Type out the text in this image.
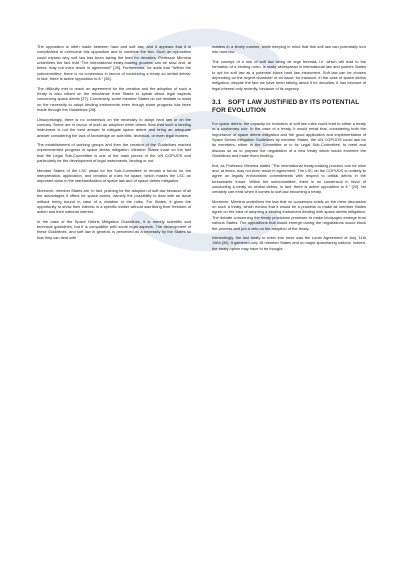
The opposition is often made between hard and soft law, and it appears that it is complicated to overcome this opposition and to combine the two. Such an opposition could explain why soft law has been taking the lead for decades. Professor Mirmina underlines the fact that “The international treaty-making process can be slow and, at times, may not even result in agreement” [25]. Furthermore, he adds that “Within the subcommittee, there is no consensus in favour of concluding a treaty on orbital debris; in fact, there is active opposition to it.” [26].

The difficulty met to reach an agreement for the creation and the adoption of such a treaty is also reliant on the reluctance from States to speak about legal aspects concerning space debris [27]. Conversely, some member States do not hesitate to insist on the necessity to adopt binding instruments even though some progress has been made through the Guidelines [28].

Unsurprisingly, there is no consensus on the necessity to adopt hard law or on the contrary. Some are in favour of such an adoption while others think that such a binding instrument is not the best answer to mitigate space debris and bring an adequate answer considering the lack of knowledge on scientific, technical, or even legal matters.

The establishment of working groups and then the creation of the Guidelines marked unprecedented progress in space debris mitigation. Member States insist on the fact that the Legal Sub-Committee is one of the main pieces of the UN COPUOS and particularly for the development of legal instruments, binding or not.

Member States of the LSC plead for the Sub-Committee to remain a forum for the interpretation, application, and creation of rules for space, which makes the LSC an important actor in the standardization of space law and of space debris mitigation.

Moreover, member States are, in fact, pushing for the adoption of soft law because of all the advantages it offers for space actors, namely the possibility to deal with an issue without being bound in case of a violation of the rules. For States, it gives the opportunity to show their interest in a specific matter without sacrificing their freedom of action and their national interest.

In the case of the Space Debris Mitigation Guidelines, it is merely scientific and technical guidelines, but it is compatible with some legal aspects. The development of these Guidelines, and soft law in general, is perceived as a necessity by the States so that they can deal with

matters in a timely manner, while keeping in mind that this soft law can potentially turn into hard law.

The concept of a rule of soft law being de lege ferenda, i.e. which will lead to the formation of a binding norm, is really widespread in international law and pushes States to opt for soft law as a potential future hard law instrument. Soft law can be chosen depending on the urgent character of an issue; for instance, in the case of space debris mitigation, despite the fact we have been talking about it for decades, it has become of legal interest only recently, because of its urgency.

3.1 SOFT LAW JUSTIFIED BY ITS POTENTIAL FOR EVOLUTION

For space debris, the capacity for evolution of soft law rules could lead to either a treaty or a customary rule. In the case of a treaty, it would entail that, considering both the importance of space debris mitigation and the good application and implementation of Space Debris Mitigation Guidelines by member States, the UN COPUOS could ask for its members, either in the Committee or in its Legal Sub-Committee, to meet and discuss so as to prepare the negotiation of a new treaty which would enshrine the Guidelines and make them binding.

But, as Professor Mirmina states “The international treaty-making process can be slow and, at times, may not even result in agreement. The LSC on the COPUOS is unlikely to agree on legally enforceable commitments with respect to orbital debris in the foreseeable future. Within the subcommittee, there is no consensus in favor of concluding a treaty on orbital debris; in fact, there is active opposition to it.” [29]. No certainty can exist when it comes to soft law becoming a treaty.

Moreover, Mirmina underlines the fact that no consensus exists on the mere discussion on such a treaty, which means that it would be a prowess to make all member States agree on the idea of adopting a binding instrument dealing with space debris mitigation. The debate concerning the treaty provisions promises to make blockages emerge from various States. The oppositions that would emerge during the negotiations would block the process and put a veto on the adoption of the treaty.

Interestingly, the last treaty to enter into force was the Lunar Agreement of July, 11th 1984 [30]. It gathered only 18 member States and no major spacefaring nations. Indeed, the treaty option may have to be thought
